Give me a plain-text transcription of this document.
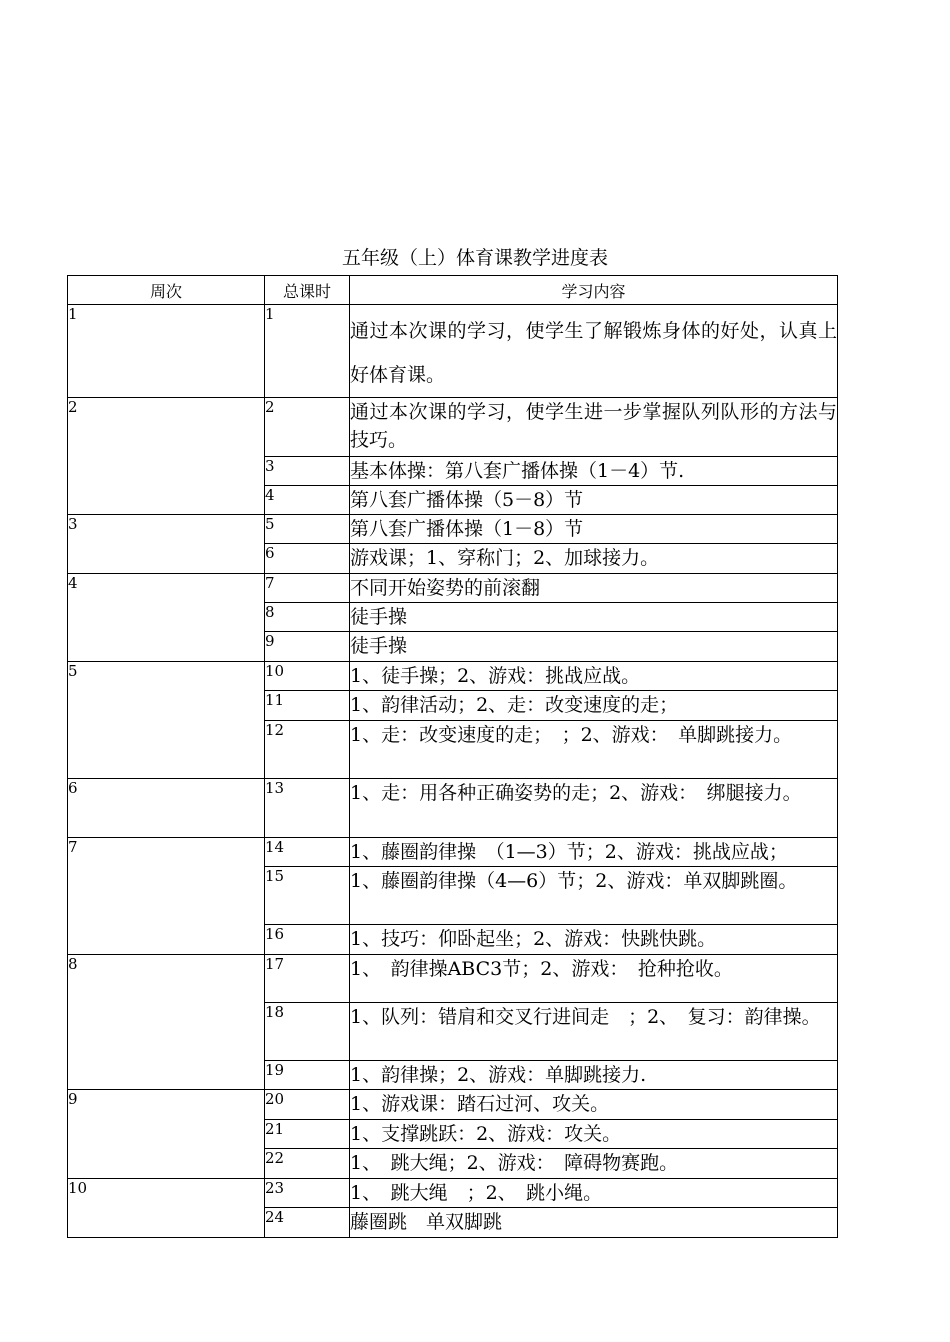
五年级（上）体育课教学进度表
周次	总课时	学习内容
1	1	通过本次课的学习，使学生了解锻炼身体的好处，认真上好体育课。
2	2	通过本次课的学习，使学生进一步掌握队列队形的方法与技巧。
	3	基本体操：第八套广播体操（1－4）节.
	4	第八套广播体操（5－8）节
3	5	第八套广播体操（1－8）节
	6	游戏课；1、穿称门；2、加球接力。
4	7	不同开始姿势的前滚翻
	8	徒手操
	9	徒手操
5	10	1、徒手操；2、游戏：挑战应战。
	11	1、韵律活动；2、走：改变速度的走；
	12	1、走：改变速度的走；　；2、游戏：　单脚跳接力。
6	13	1、走：用各种正确姿势的走；2、游戏：　绑腿接力。
7	14	1、藤圈韵律操　（1—3）节；2、游戏：挑战应战；
	15	1、藤圈韵律操（4—6）节；2、游戏：单双脚跳圈。
	16	1、技巧：仰卧起坐；2、游戏：快跳快跳。
8	17	1、　韵律操ABC3节；2、游戏：　抢种抢收。
	18	1、队列：错肩和交叉行进间走　；2、　复习：韵律操。
	19	1、韵律操；2、游戏：单脚跳接力.
9	20	1、游戏课：踏石过河、攻关。
	21	1、支撑跳跃：2、游戏：攻关。
	22	1、　跳大绳；2、游戏：　障碍物赛跑。
10	23	1、　跳大绳　；2、　跳小绳。
	24	藤圈跳　单双脚跳
